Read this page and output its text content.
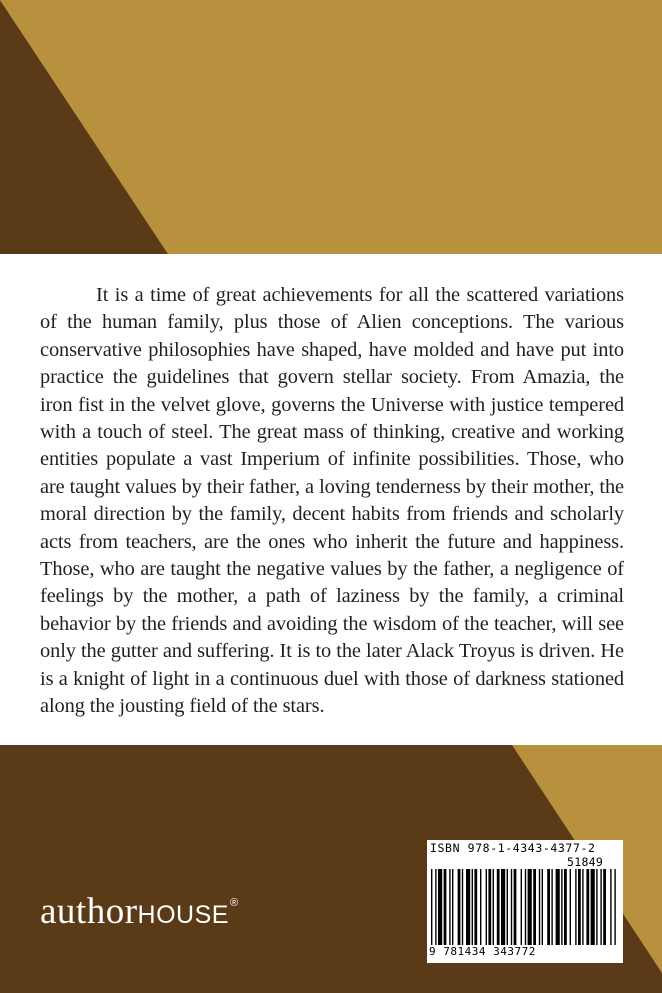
It is a time of great achievements for all the scattered variations of the human family, plus those of Alien conceptions. The various conservative philosophies have shaped, have molded and have put into practice the guidelines that govern stellar society. From Amazia, the iron fist in the velvet glove, governs the Universe with justice tempered with a touch of steel. The great mass of thinking, creative and working entities populate a vast Imperium of infinite possibilities. Those, who are taught values by their father, a loving tenderness by their mother, the moral direction by the family, decent habits from friends and scholarly acts from teachers, are the ones who inherit the future and happiness. Those, who are taught the negative values by the father, a negligence of feelings by the mother, a path of laziness by the family, a criminal behavior by the friends and avoiding the wisdom of the teacher, will see only the gutter and suffering. It is to the later Alack Troyus is driven. He is a knight of light in a continuous duel with those of darkness stationed along the jousting field of the stars.

authorHOUSE®
ISBN 978-1-4343-4377-2
51849
9 781434 343772
